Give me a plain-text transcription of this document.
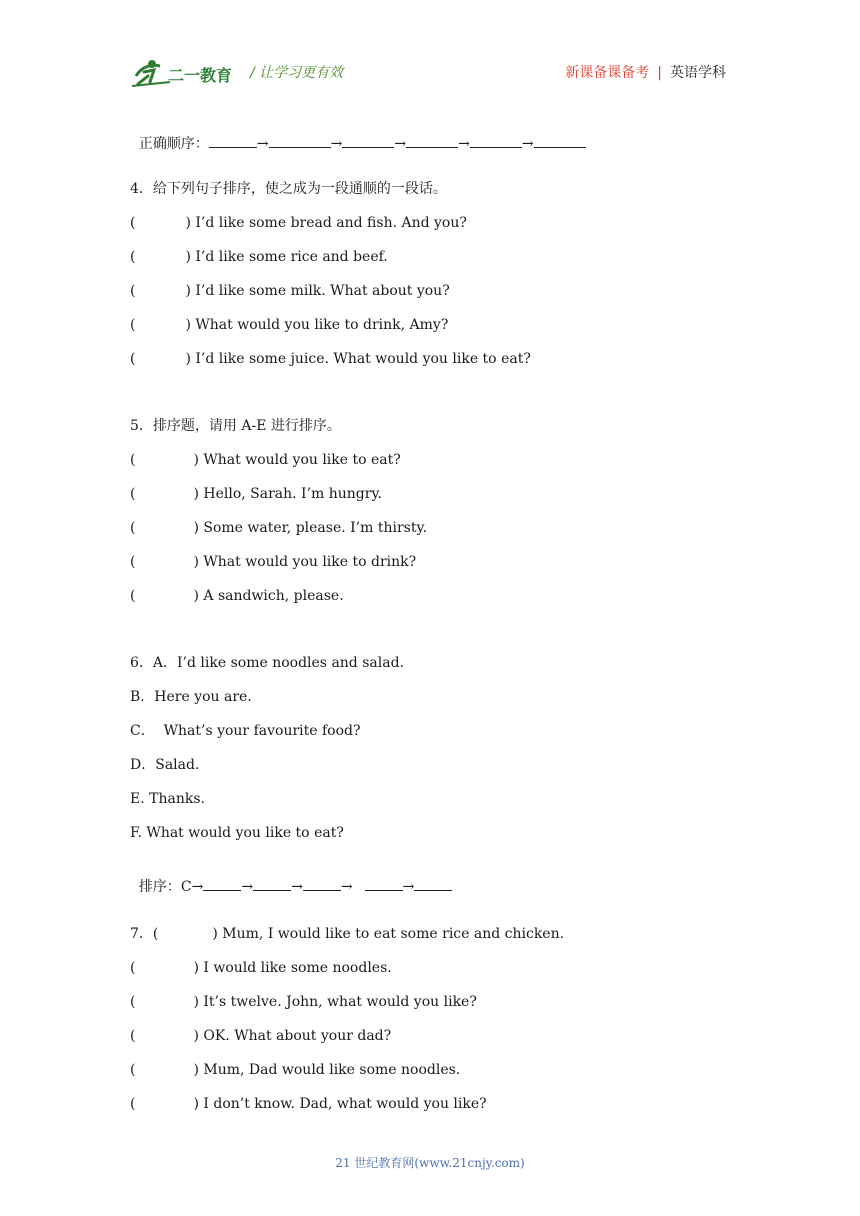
二一教育 / 让学习更有效	新课备课备考 | 英语学科

正确顺序：	→	→	→	→	→

4．给下列句子排序，使之成为一段通顺的一段话。
(	) I’d like some bread and fish. And you?
(	) I’d like some rice and beef.
(	) I’d like some milk. What about you?
(	) What would you like to drink, Amy?
(	) I’d like some juice. What would you like to eat?
5．排序题，请用 A-E 进行排序。
(	) What would you like to eat?
(	) Hello, Sarah. I’m hungry.
(	) Some water, please. I’m thirsty.
(	) What would you like to drink?
(	) A sandwich, please.
6．A．I’d like some noodles and salad.
B．Here you are.
C．  What’s your favourite food?
D．Salad.
E. Thanks.
F. What would you like to eat?

排序：C→	→	→	→	→

7．(	) Mum, I would like to eat some rice and chicken.
(	) I would like some noodles.
(	) It’s twelve. John, what would you like?
(	) OK. What about your dad?
(	) Mum, Dad would like some noodles.
(	) I don’t know. Dad, what would you like?
21 世纪教育网(www.21cnjy.com)
